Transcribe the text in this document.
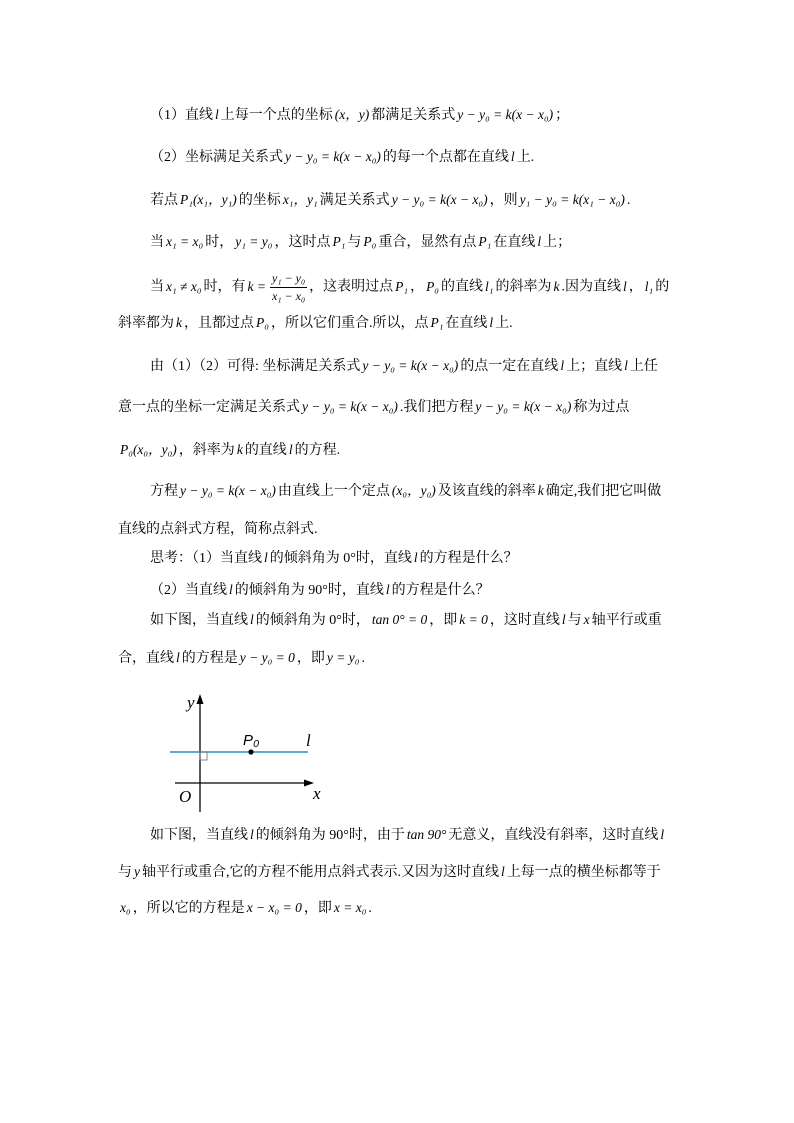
（1）直线 l 上每一个点的坐标 (x，y) 都满足关系式 y − y₀ = k(x − x₀) ；
（2）坐标满足关系式 y − y₀ = k(x − x₀) 的每一个点都在直线 l 上.
若点 P₁(x₁，y₁) 的坐标 x₁，y₁ 满足关系式 y − y₀ = k(x − x₀) ，则 y₁ − y₀ = k(x₁ − x₀) .
当 x₁ = x₀ 时， y₁ = y₀ ，这时点 P₁ 与 P₀ 重合，显然有点 P₁ 在直线 l 上；
当 x₁ ≠ x₀ 时，有 $k = \frac{\text{y₁ − y₀}}{\text{x₁ − x₀}}$ ，这表明过点 P₁ ， P₀ 的直线 l₁ 的斜率为 k .因为直线 l ， l₁ 的
斜率都为 k ，且都过点 P₀ ，所以它们重合.所以，点 P₁ 在直线 l 上.
由（1）（2）可得: 坐标满足关系式 y − y₀ = k(x − x₀) 的点一定在直线 l 上；直线 l 上任
意一点的坐标一定满足关系式 y − y₀ = k(x − x₀) .我们把方程 y − y₀ = k(x − x₀) 称为过点
P₀(x₀，y₀) ，斜率为 k 的直线 l 的方程.
方程 y − y₀ = k(x − x₀) 由直线上一个定点 (x₀，y₀) 及该直线的斜率 k 确定,我们把它叫做
直线的点斜式方程，简称点斜式.
思考：（1）当直线 l 的倾斜角为 0°时，直线 l 的方程是什么？
（2）当直线 l 的倾斜角为 90°时，直线 l 的方程是什么？
如下图，当直线 l 的倾斜角为 0°时， tan 0° = 0 ，即 k = 0 ，这时直线 l 与 x 轴平行或重
合，直线 l 的方程是 y − y₀ = 0 ，即 y = y₀ .
y
x
O
P₀	l
如下图，当直线 l 的倾斜角为 90°时，由于 tan 90° 无意义，直线没有斜率，这时直线 l
与 y 轴平行或重合,它的方程不能用点斜式表示.又因为这时直线 l 上每一点的横坐标都等于
x₀ ，所以它的方程是 x − x₀ = 0 ，即 x = x₀ .
